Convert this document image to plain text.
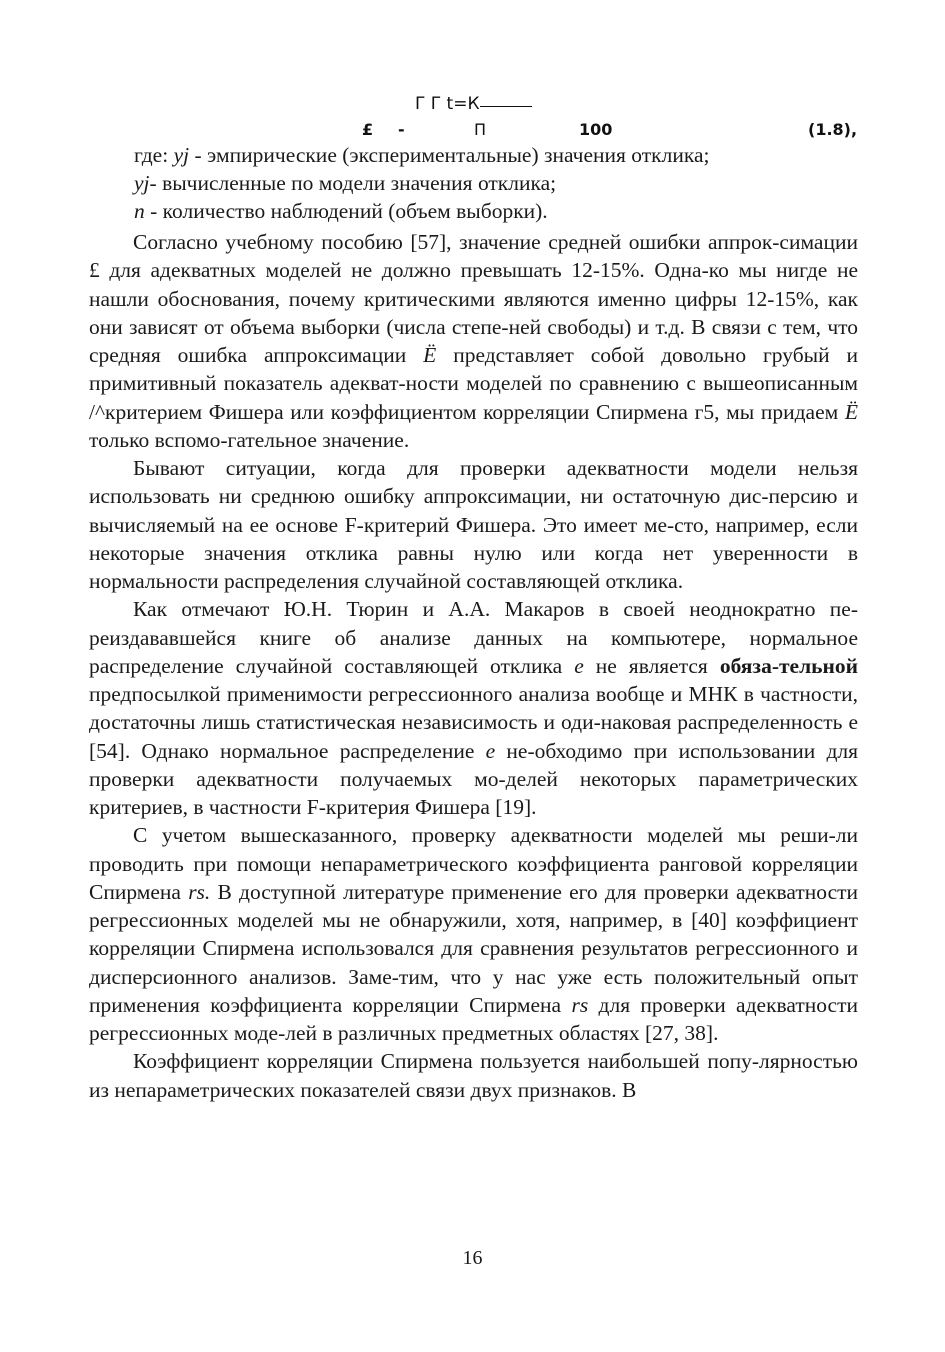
Г Г t=К
£ -	П	100	(1.8),
где: yj - эмпирические (экспериментальные) значения отклика;
yj- вычисленные по модели значения отклика;
n - количество наблюдений (объем выборки).

Согласно учебному пособию [57], значение средней ошибки аппрок-симации £ для адекватных моделей не должно превышать 12-15%. Одна-ко мы нигде не нашли обоснования, почему критическими являются именно цифры 12-15%, как они зависят от объема выборки (числа степе-ней свободы) и т.д. В связи с тем, что средняя ошибка аппроксимации Ë представляет собой довольно грубый и примитивный показатель адекват-ности моделей по сравнению с вышеописанным /^критерием Фишера или коэффициентом корреляции Спирмена г5, мы придаем Ë только вспомо-гательное значение.

Бывают ситуации, когда для проверки адекватности модели нельзя использовать ни среднюю ошибку аппроксимации, ни остаточную дис-персию и вычисляемый на ее основе F-критерий Фишера. Это имеет ме-сто, например, если некоторые значения отклика равны нулю или когда нет уверенности в нормальности распределения случайной составляющей отклика.

Как отмечают Ю.Н. Тюрин и А.А. Макаров в своей неоднократно пе-реиздававшейся книге об анализе данных на компьютере, нормальное распределение случайной составляющей отклика e не является обяза-тельной предпосылкой применимости регрессионного анализа вообще и МНК в частности, достаточны лишь статистическая независимость и оди-наковая распределенность е [54]. Однако нормальное распределение e не-обходимо при использовании для проверки адекватности получаемых мо-делей некоторых параметрических критериев, в частности F-критерия Фишера [19].

С учетом вышесказанного, проверку адекватности моделей мы реши-ли проводить при помощи непараметрического коэффициента ранговой корреляции Спирмена rs. В доступной литературе применение его для проверки адекватности регрессионных моделей мы не обнаружили, хотя, например, в [40] коэффициент корреляции Спирмена использовался для сравнения результатов регрессионного и дисперсионного анализов. Заме-тим, что у нас уже есть положительный опыт применения коэффициента корреляции Спирмена rs для проверки адекватности регрессионных моде-лей в различных предметных областях [27, 38].

Коэффициент корреляции Спирмена пользуется наибольшей попу-лярностью из непараметрических показателей связи двух признаков. В

16
